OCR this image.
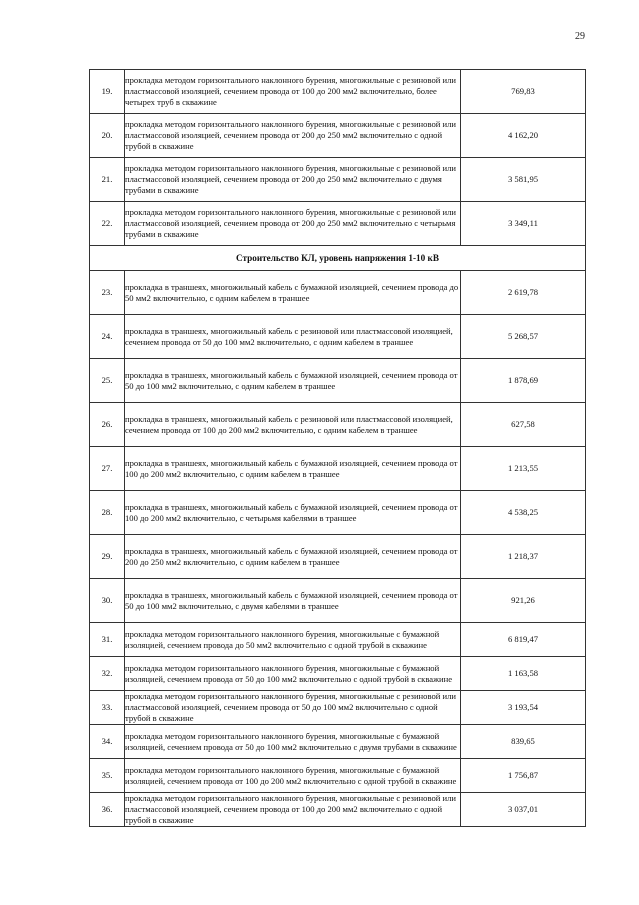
29
19.	прокладка методом горизонтального наклонного бурения, многожильные с резиновой или пластмассовой изоляцией, сечением провода от 100 до 200 мм2 включительно, более четырех труб в скважине	769,83
20.	прокладка методом горизонтального наклонного бурения, многожильные с резиновой или пластмассовой изоляцией, сечением провода от 200 до 250 мм2 включительно с одной трубой в скважине	4 162,20
21.	прокладка методом горизонтального наклонного бурения, многожильные с резиновой или пластмассовой изоляцией, сечением провода от 200 до 250 мм2 включительно с двумя трубами в скважине	3 581,95
22.	прокладка методом горизонтального наклонного бурения, многожильные с резиновой или пластмассовой изоляцией, сечением провода от 200 до 250 мм2 включительно с четырьмя трубами в скважине	3 349,11
Строительство КЛ, уровень напряжения 1-10 кВ		
23.	прокладка в траншеях, многожильный кабель с бумажной изоляцией, сечением провода до 50 мм2 включительно, с одним кабелем в траншее	2 619,78
24.	прокладка в траншеях, многожильный кабель с резиновой или пластмассовой изоляцией, сечением провода от 50 до 100 мм2 включительно, с одним кабелем в траншее	5 268,57
25.	прокладка в траншеях, многожильный кабель с бумажной изоляцией, сечением провода от 50 до 100 мм2 включительно, с одним кабелем в траншее	1 878,69
26.	прокладка в траншеях, многожильный кабель с резиновой или пластмассовой изоляцией, сечением провода от 100 до 200 мм2 включительно, с одним кабелем в траншее	627,58
27.	прокладка в траншеях, многожильный кабель с бумажной изоляцией, сечением провода от 100 до 200 мм2 включительно, с одним кабелем в траншее	1 213,55
28.	прокладка в траншеях, многожильный кабель с бумажной изоляцией, сечением провода от 100 до 200 мм2 включительно, с четырьмя кабелями в траншее	4 538,25
29.	прокладка в траншеях, многожильный кабель с бумажной изоляцией, сечением провода от 200 до 250 мм2 включительно, с одним кабелем в траншее	1 218,37
30.	прокладка в траншеях, многожильный кабель с бумажной изоляцией, сечением провода от 50 до 100 мм2 включительно, с двумя кабелями в траншее	921,26
31.	прокладка методом горизонтального наклонного бурения, многожильные с бумажной изоляцией, сечением провода до 50 мм2 включительно с одной трубой в скважине	6 819,47
32.	прокладка методом горизонтального наклонного бурения, многожильные с бумажной изоляцией, сечением провода от 50 до 100 мм2 включительно с одной трубой в скважине	1 163,58
33.	прокладка методом горизонтального наклонного бурения, многожильные с резиновой или пластмассовой изоляцией, сечением провода от 50 до 100 мм2 включительно с одной трубой в скважине	3 193,54
34.	прокладка методом горизонтального наклонного бурения, многожильные с бумажной изоляцией, сечением провода от 50 до 100 мм2 включительно с двумя трубами в скважине	839,65
35.	прокладка методом горизонтального наклонного бурения, многожильные с бумажной изоляцией, сечением провода от 100 до 200 мм2 включительно с одной трубой в скважине	1 756,87
36.	прокладка методом горизонтального наклонного бурения, многожильные с резиновой или пластмассовой изоляцией, сечением провода от 100 до 200 мм2 включительно с одной трубой в скважине	3 037,01
